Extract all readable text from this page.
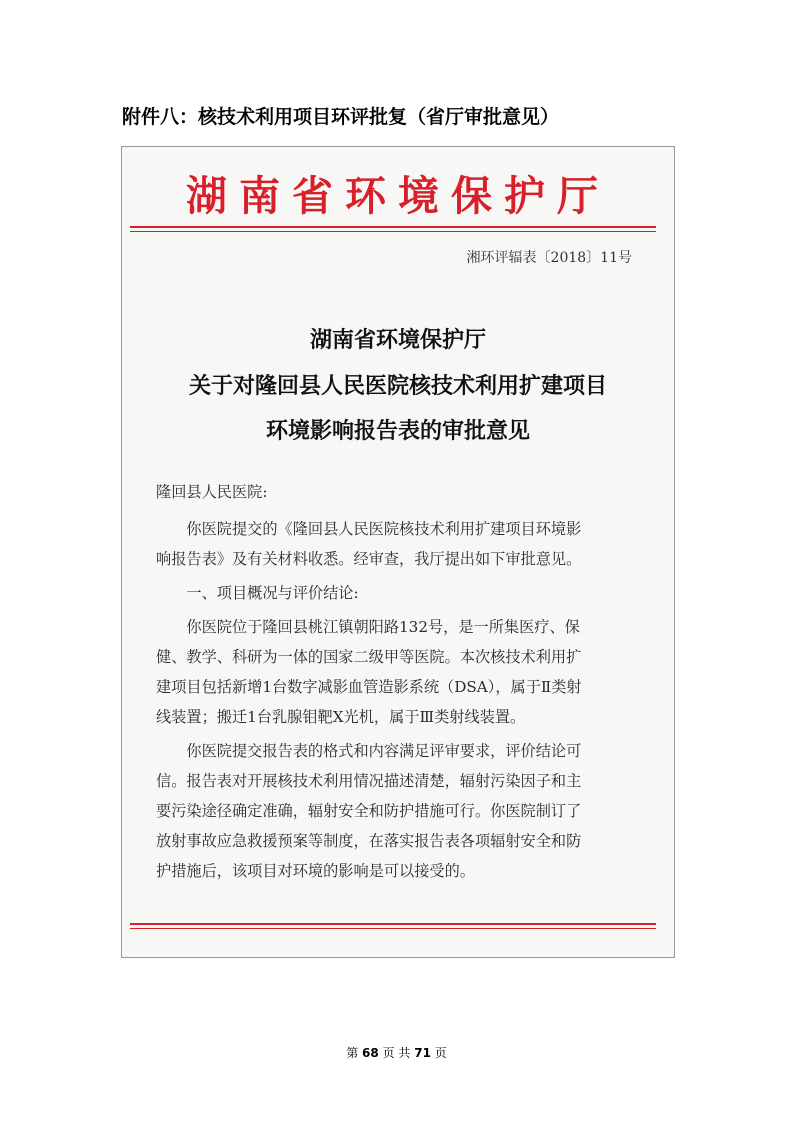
附件八：核技术利用项目环评批复（省厅审批意见）
湖南省环境保护厅
湘环评辐表〔2018〕11号
湖南省环境保护厅
关于对隆回县人民医院核技术利用扩建项目
环境影响报告表的审批意见
隆回县人民医院:
　　你医院提交的《隆回县人民医院核技术利用扩建项目环境影
响报告表》及有关材料收悉。经审查，我厅提出如下审批意见。
　　一、项目概况与评价结论:
　　你医院位于隆回县桃江镇朝阳路132号，是一所集医疗、保
健、教学、科研为一体的国家二级甲等医院。本次核技术利用扩
建项目包括新增1台数字减影血管造影系统（DSA），属于Ⅱ类射
线装置；搬迁1台乳腺钼靶X光机，属于Ⅲ类射线装置。
　　你医院提交报告表的格式和内容满足评审要求，评价结论可
信。报告表对开展核技术利用情况描述清楚，辐射污染因子和主
要污染途径确定准确，辐射安全和防护措施可行。你医院制订了
放射事故应急救援预案等制度，在落实报告表各项辐射安全和防
护措施后，该项目对环境的影响是可以接受的。
第 68 页 共 71 页
